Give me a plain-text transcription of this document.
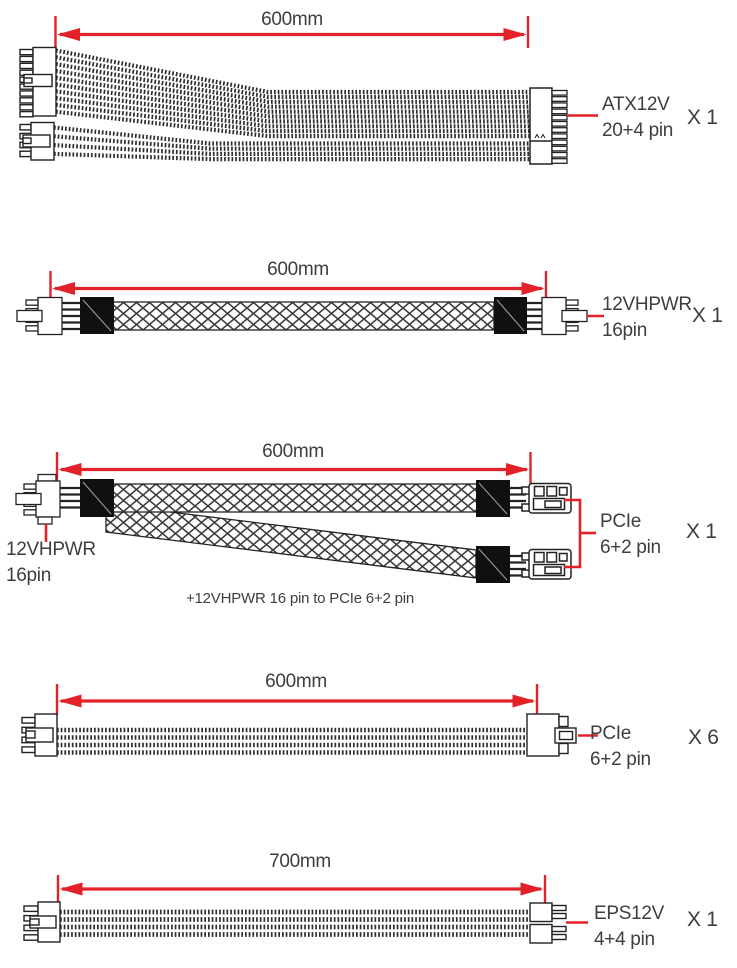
600mm
ATX12V
20+4 pin
X 1
600mm
12VHPWR
16pin
X 1
600mm
12VHPWR
16pin
PCIe
6+2 pin
X 1
+12VHPWR 16 pin to PCIe 6+2 pin
600mm
PCIe
6+2 pin
X 6
700mm
EPS12V
4+4 pin
X 1
